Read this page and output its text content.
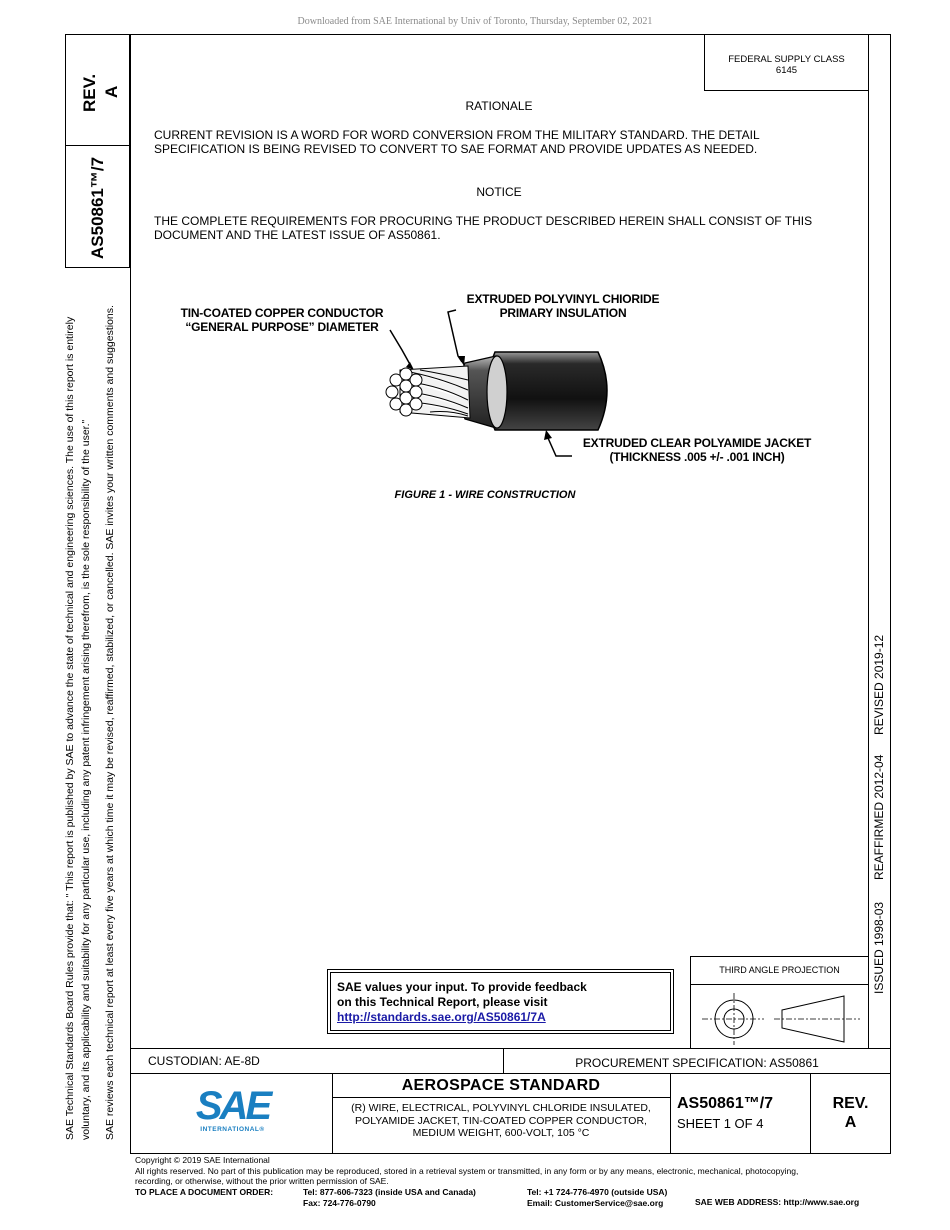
Downloaded from SAE International by Univ of Toronto, Thursday, September 02, 2021
SAE Technical Standards Board Rules provide that: " This report is published by SAE to advance the state of technical and engineering sciences. The use of this report is entirely voluntary, and its applicability and suitability for any particular use, including any patent infringement arising therefrom, is the sole responsibility of the user." SAE reviews each technical report at least every five years at which time it may be revised, reaffirmed, stabilized, or cancelled. SAE invites your written comments and suggestions.
REV. A
AS50861™/7
FEDERAL SUPPLY CLASS
6145
RATIONALE
CURRENT REVISION IS A WORD FOR WORD CONVERSION FROM THE MILITARY STANDARD. THE DETAIL SPECIFICATION IS BEING REVISED TO CONVERT TO SAE FORMAT AND PROVIDE UPDATES AS NEEDED.
NOTICE
THE COMPLETE REQUIREMENTS FOR PROCURING THE PRODUCT DESCRIBED HEREIN SHALL CONSIST OF THIS DOCUMENT AND THE LATEST ISSUE OF AS50861.
TIN-COATED COPPER CONDUCTOR
“GENERAL PURPOSE” DIAMETER
EXTRUDED POLYVINYL CHIORIDE
PRIMARY INSULATION
EXTRUDED CLEAR POLYAMIDE JACKET
(THICKNESS .005 +/- .001 INCH)
FIGURE 1 - WIRE CONSTRUCTION
ISSUED 1998-03
REAFFIRMED 2012-04
REVISED 2019-12
SAE values your input. To provide feedback
on this Technical Report, please visit
http://standards.sae.org/AS50861/7A
THIRD ANGLE PROJECTION
CUSTODIAN: AE-8D	PROCUREMENT SPECIFICATION: AS50861
SAE
INTERNATIONAL®
AEROSPACE STANDARD
(R) WIRE, ELECTRICAL, POLYVINYL CHLORIDE INSULATED,
POLYAMIDE JACKET, TIN-COATED COPPER CONDUCTOR,
MEDIUM WEIGHT, 600-VOLT, 105 °C
AS50861™/7
SHEET 1 OF 4
REV.
A
Copyright © 2019 SAE International
All rights reserved. No part of this publication may be reproduced, stored in a retrieval system or transmitted, in any form or by any means, electronic, mechanical, photocopying,
recording, or otherwise, without the prior written permission of SAE.
TO PLACE A DOCUMENT ORDER:	Tel: 877-606-7323 (inside USA and Canada)
Fax: 724-776-0790
Tel: +1 724-776-4970 (outside USA)
Email: CustomerService@sae.org	SAE WEB ADDRESS: http://www.sae.org
